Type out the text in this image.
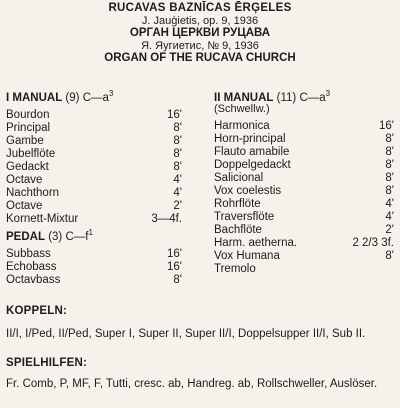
RUCAVAS BAZNĪCAS ĒRĢELES
J. Jauģietis, op. 9, 1936
ОРГАН ЦЕРКВИ РУЦАВА
Я. Яугиетис, № 9, 1936
ORGAN OF THE RUCAVA CHURCH
I MANUAL (9) $C—a^3$
Bourdon	16'
Principal	8'
Gambe	8'
Jubelflöte	8'
Gedackt	8'
Octave	4'
Nachthorn	4'
Octave	2'
Kornett-Mixtur	3—4f.
PEDAL (3) $C—f^1$
Subbass	16'
Echobass	16'
Octavbass	8'
II MANUAL (11) $C—a^3$
(Schwellw.)
Harmonica	16'
Horn-principal	8'
Flauto amabile	8'
Doppelgedackt	8'
Salicional	8'
Vox coelestis	8'
Rohrflöte	4'
Traversflöte	4'
Bachflöte	2'
Harm. aetherna.	2 2/3 3f.
Vox Humana	8'
Tremolo
KOPPELN:
II/I, I/Ped, II/Ped, Super I, Super II, Super II/I, Doppelsupper II/I, Sub II.
SPIELHILFEN:
Fr. Comb, P, MF, F, Tutti, cresc. ab, Handreg. ab, Rollschweller, Auslöser.
